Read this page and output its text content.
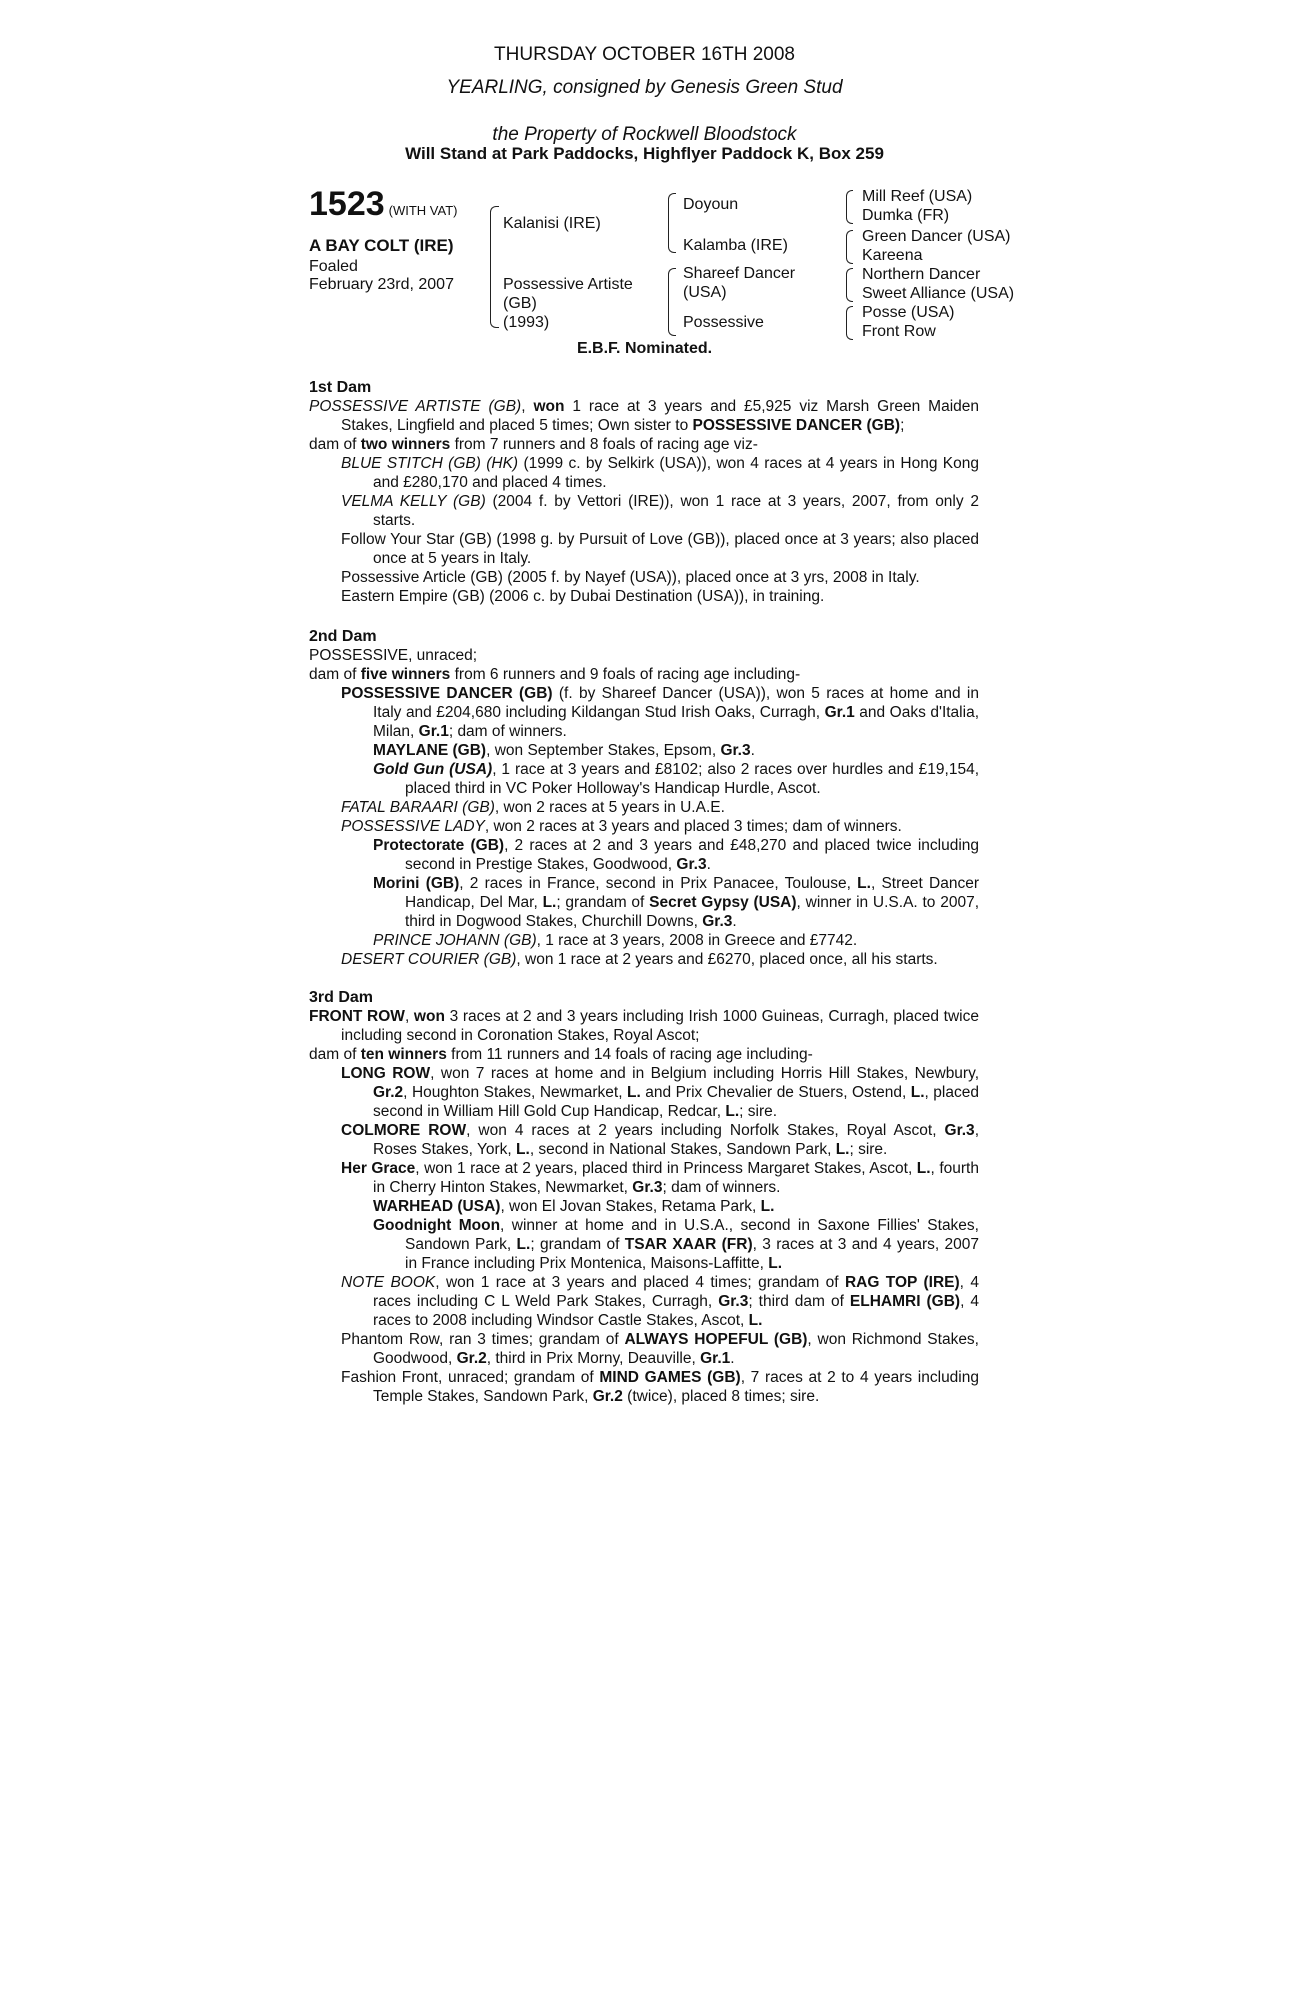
THURSDAY OCTOBER 16TH 2008
YEARLING, consigned by Genesis Green Stud
the Property of Rockwell Bloodstock
Will Stand at Park Paddocks, Highflyer Paddock K, Box 259
1523 (WITH VAT)
A BAY COLT (IRE)
Foaled
February 23rd, 2007
Kalanisi (IRE)
Possessive Artiste
(GB)
(1993)
Doyoun
Kalamba (IRE)
Shareef Dancer
(USA)
Possessive
Mill Reef (USA)
Dumka (FR)
Green Dancer (USA)
Kareena
Northern Dancer
Sweet Alliance (USA)
Posse (USA)
Front Row
E.B.F. Nominated.

1st Dam

POSSESSIVE ARTISTE (GB), won 1 race at 3 years and £5,925 viz Marsh Green Maiden Stakes, Lingfield and placed 5 times; Own sister to POSSESSIVE DANCER (GB);

dam of two winners from 7 runners and 8 foals of racing age viz-

BLUE STITCH (GB) (HK) (1999 c. by Selkirk (USA)), won 4 races at 4 years in Hong Kong and £280,170 and placed 4 times.

VELMA KELLY (GB) (2004 f. by Vettori (IRE)), won 1 race at 3 years, 2007, from only 2 starts.

Follow Your Star (GB) (1998 g. by Pursuit of Love (GB)), placed once at 3 years; also placed once at 5 years in Italy.

Possessive Article (GB) (2005 f. by Nayef (USA)), placed once at 3 yrs, 2008 in Italy.

Eastern Empire (GB) (2006 c. by Dubai Destination (USA)), in training.

2nd Dam

POSSESSIVE, unraced;

dam of five winners from 6 runners and 9 foals of racing age including-

POSSESSIVE DANCER (GB) (f. by Shareef Dancer (USA)), won 5 races at home and in Italy and £204,680 including Kildangan Stud Irish Oaks, Curragh, Gr.1 and Oaks d'Italia, Milan, Gr.1; dam of winners.

MAYLANE (GB), won September Stakes, Epsom, Gr.3.

Gold Gun (USA), 1 race at 3 years and £8102; also 2 races over hurdles and £19,154, placed third in VC Poker Holloway's Handicap Hurdle, Ascot.

FATAL BARAARI (GB), won 2 races at 5 years in U.A.E.

POSSESSIVE LADY, won 2 races at 3 years and placed 3 times; dam of winners.

Protectorate (GB), 2 races at 2 and 3 years and £48,270 and placed twice including second in Prestige Stakes, Goodwood, Gr.3.

Morini (GB), 2 races in France, second in Prix Panacee, Toulouse, L., Street Dancer Handicap, Del Mar, L.; grandam of Secret Gypsy (USA), winner in U.S.A. to 2007, third in Dogwood Stakes, Churchill Downs, Gr.3.

PRINCE JOHANN (GB), 1 race at 3 years, 2008 in Greece and £7742.

DESERT COURIER (GB), won 1 race at 2 years and £6270, placed once, all his starts.

3rd Dam

FRONT ROW, won 3 races at 2 and 3 years including Irish 1000 Guineas, Curragh, placed twice including second in Coronation Stakes, Royal Ascot;

dam of ten winners from 11 runners and 14 foals of racing age including-

LONG ROW, won 7 races at home and in Belgium including Horris Hill Stakes, Newbury, Gr.2, Houghton Stakes, Newmarket, L. and Prix Chevalier de Stuers, Ostend, L., placed second in William Hill Gold Cup Handicap, Redcar, L.; sire.

COLMORE ROW, won 4 races at 2 years including Norfolk Stakes, Royal Ascot, Gr.3, Roses Stakes, York, L., second in National Stakes, Sandown Park, L.; sire.

Her Grace, won 1 race at 2 years, placed third in Princess Margaret Stakes, Ascot, L., fourth in Cherry Hinton Stakes, Newmarket, Gr.3; dam of winners.

WARHEAD (USA), won El Jovan Stakes, Retama Park, L.

Goodnight Moon, winner at home and in U.S.A., second in Saxone Fillies' Stakes, Sandown Park, L.; grandam of TSAR XAAR (FR), 3 races at 3 and 4 years, 2007 in France including Prix Montenica, Maisons-Laffitte, L.

NOTE BOOK, won 1 race at 3 years and placed 4 times; grandam of RAG TOP (IRE), 4 races including C L Weld Park Stakes, Curragh, Gr.3; third dam of ELHAMRI (GB), 4 races to 2008 including Windsor Castle Stakes, Ascot, L.

Phantom Row, ran 3 times; grandam of ALWAYS HOPEFUL (GB), won Richmond Stakes, Goodwood, Gr.2, third in Prix Morny, Deauville, Gr.1.

Fashion Front, unraced; grandam of MIND GAMES (GB), 7 races at 2 to 4 years including Temple Stakes, Sandown Park, Gr.2 (twice), placed 8 times; sire.
